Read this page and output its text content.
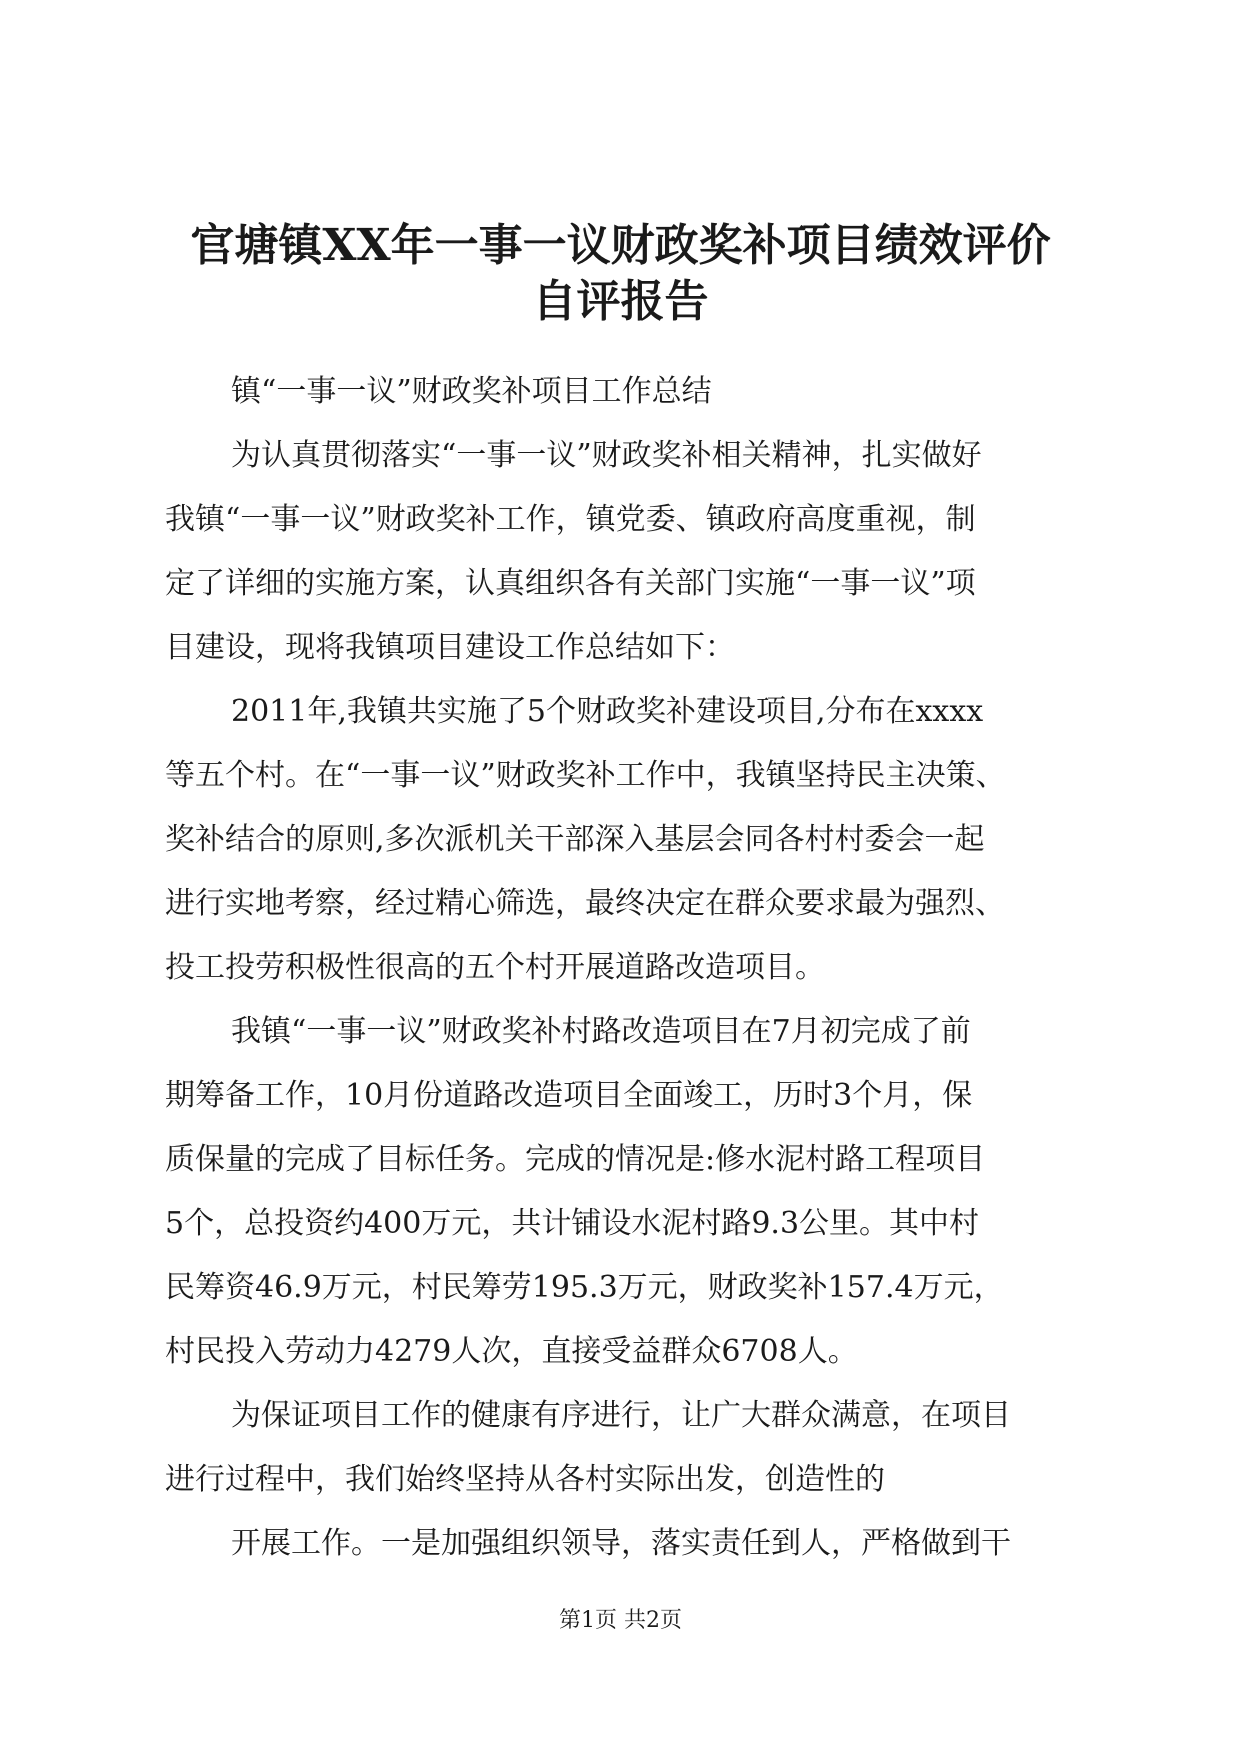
官塘镇XX年一事一议财政奖补项目绩效评价
自评报告
镇“一事一议”财政奖补项目工作总结
为认真贯彻落实“一事一议”财政奖补相关精神，扎实做好
我镇“一事一议”财政奖补工作，镇党委、镇政府高度重视，制
定了详细的实施方案，认真组织各有关部门实施“一事一议”项
目建设，现将我镇项目建设工作总结如下：
2011年,我镇共实施了5个财政奖补建设项目,分布在xxxx
等五个村。在“一事一议”财政奖补工作中，我镇坚持民主决策、
奖补结合的原则,多次派机关干部深入基层会同各村村委会一起
进行实地考察，经过精心筛选，最终决定在群众要求最为强烈、
投工投劳积极性很高的五个村开展道路改造项目。
我镇“一事一议”财政奖补村路改造项目在7月初完成了前
期筹备工作，10月份道路改造项目全面竣工，历时3个月，保
质保量的完成了目标任务。完成的情况是:修水泥村路工程项目
5个，总投资约400万元，共计铺设水泥村路9.3公里。其中村
民筹资46.9万元，村民筹劳195.3万元，财政奖补157.4万元，
村民投入劳动力4279人次，直接受益群众6708人。
为保证项目工作的健康有序进行，让广大群众满意，在项目
进行过程中，我们始终坚持从各村实际出发，创造性的
开展工作。一是加强组织领导，落实责任到人，严格做到干
第1页 共2页
